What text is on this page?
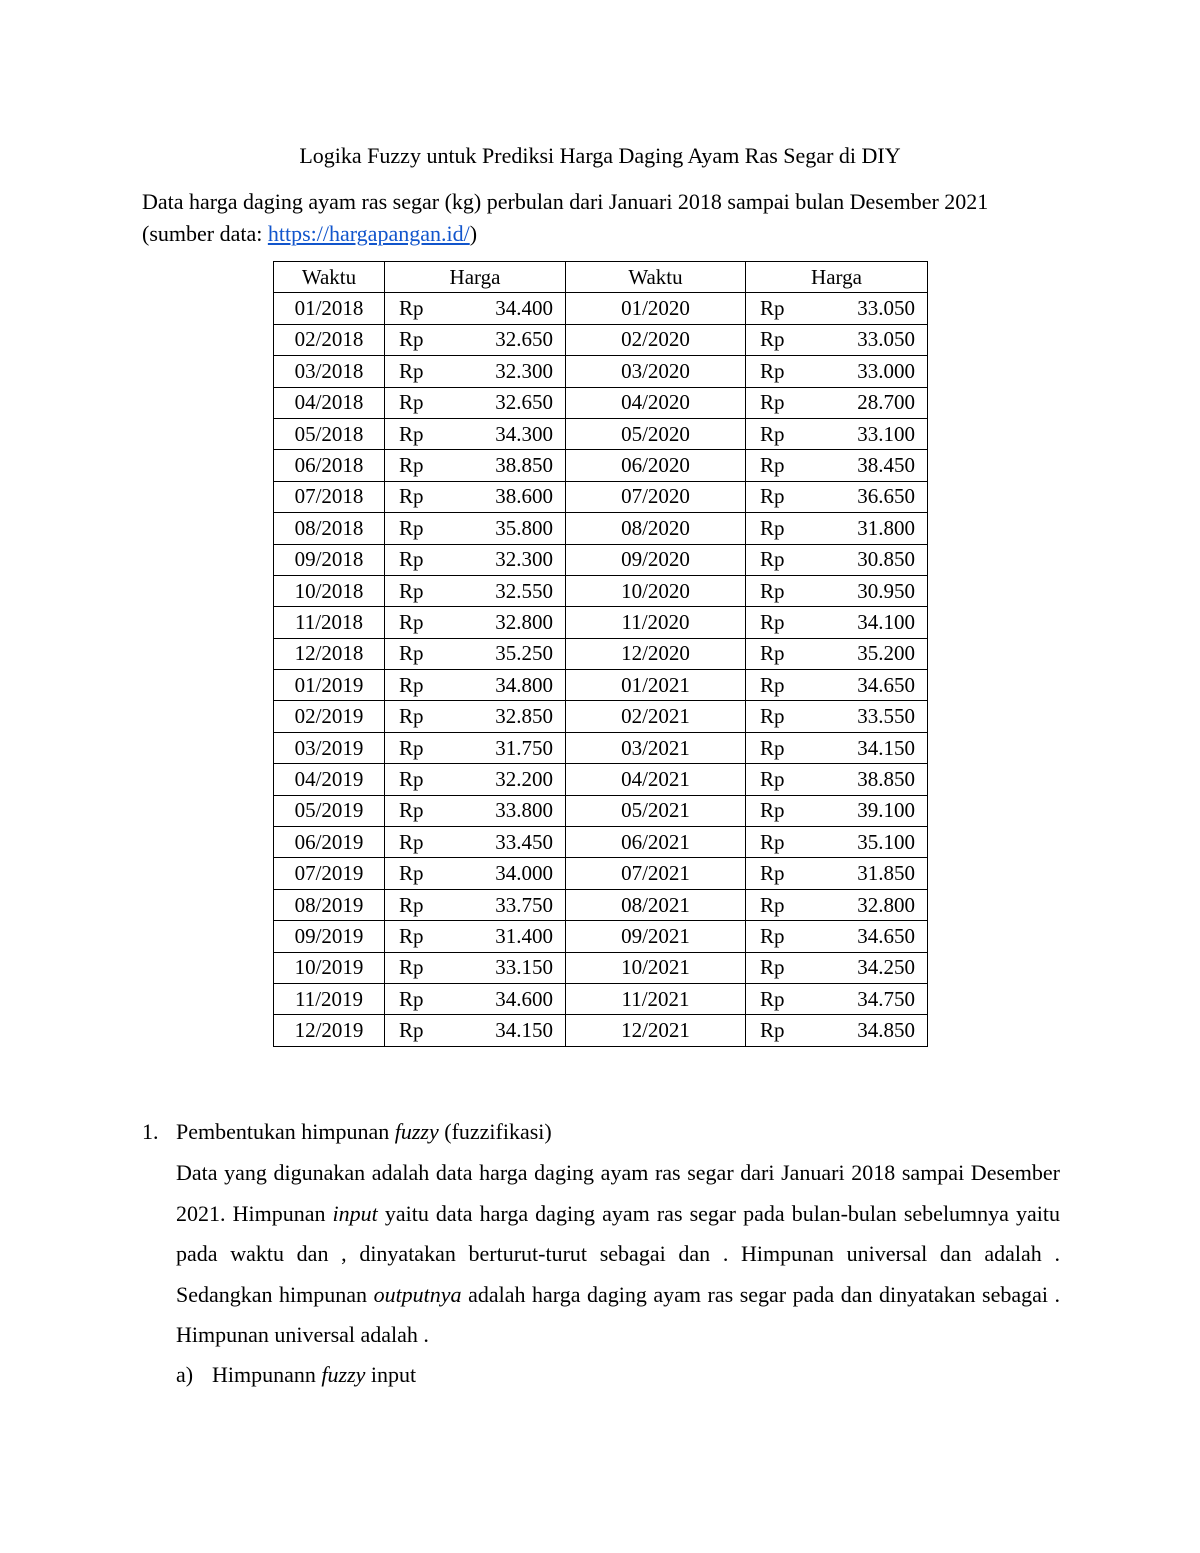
Logika Fuzzy untuk Prediksi Harga Daging Ayam Ras Segar di DIY
Data harga daging ayam ras segar (kg) perbulan dari Januari 2018 sampai bulan Desember 2021 (sumber data: https://hargapangan.id/)
Waktu	Harga	Waktu	Harga
01/2018	Rp 34.400	01/2020	Rp 33.050

02/2018	Rp 32.650	02/2020	Rp 33.050

03/2018	Rp 32.300	03/2020	Rp 33.000

04/2018	Rp 32.650	04/2020	Rp 28.700

05/2018	Rp 34.300	05/2020	Rp 33.100

06/2018	Rp 38.850	06/2020	Rp 38.450

07/2018	Rp 38.600	07/2020	Rp 36.650

08/2018	Rp 35.800	08/2020	Rp 31.800

09/2018	Rp 32.300	09/2020	Rp 30.850

10/2018	Rp 32.550	10/2020	Rp 30.950

11/2018	Rp 32.800	11/2020	Rp 34.100

12/2018	Rp 35.250	12/2020	Rp 35.200

01/2019	Rp 34.800	01/2021	Rp 34.650

02/2019	Rp 32.850	02/2021	Rp 33.550

03/2019	Rp 31.750	03/2021	Rp 34.150

04/2019	Rp 32.200	04/2021	Rp 38.850

05/2019	Rp 33.800	05/2021	Rp 39.100

06/2019	Rp 33.450	06/2021	Rp 35.100

07/2019	Rp 34.000	07/2021	Rp 31.850

08/2019	Rp 33.750	08/2021	Rp 32.800

09/2019	Rp 31.400	09/2021	Rp 34.650

10/2019	Rp 33.150	10/2021	Rp 34.250

11/2019	Rp 34.600	11/2021	Rp 34.750

12/2019	Rp 34.150	12/2021	Rp 34.850
1. Pembentukan himpunan fuzzy (fuzzifikasi)
Data yang digunakan adalah data harga daging ayam ras segar dari Januari 2018 sampai Desember 2021. Himpunan input yaitu data harga daging ayam ras segar pada bulan-bulan sebelumnya yaitu pada waktu dan , dinyatakan berturut-turut sebagai dan . Himpunan universal dan adalah . Sedangkan himpunan outputnya adalah harga daging ayam ras segar pada dan dinyatakan sebagai . Himpunan universal adalah .
a) Himpunann fuzzy input
